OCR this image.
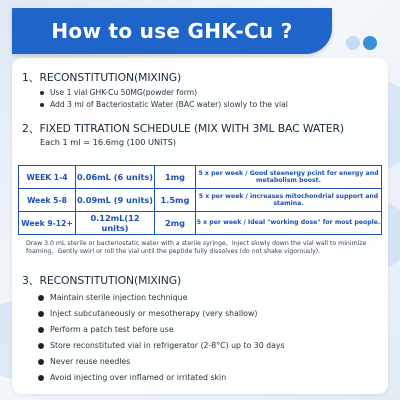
How to use GHK-Cu ?
1、RECONSTITUTION(MIXING)
Use 1 vial GHK-Cu 50MG(powder form)
Add 3 ml of Bacteriostatic Water (BAC water) slowly to the vial
2、FIXED TITRATION SCHEDULE (MIX WITH 3ML BAC WATER)
Each 1 ml = 16.6mg (100 UNITS)
WEEK 1-4	0.06mL (6 units)	1mg	5 x per week / Good steenergy pcint for energy and metabolism boost.
Week 5-8	0.09mL (9 units)	1.5mg	5 x per week / increases mitochondrial support and stamina.
Week 9-12+	0.12mL(12 units)	2mg	5 x per week / Ideal "working dose" for most people.
Draw 3.0 mL sterile or bacteriostatic water with a sterile syringe，Inject slowly down the vial wall to minimize foaming，Gently swirl or roll the vial until the peptide fully dissolves (do not shake vigorously).
3、RECONSTITUTION(MIXING)
Maintain sterile injection technique
Inject subcutaneously or mesotherapy (very shallow)
Perform a patch test before use
Store reconstituted vial in refrigerator (2-8°C) up to 30 days
Never reuse needles
Avoid injecting over inflamed or irritated skin
